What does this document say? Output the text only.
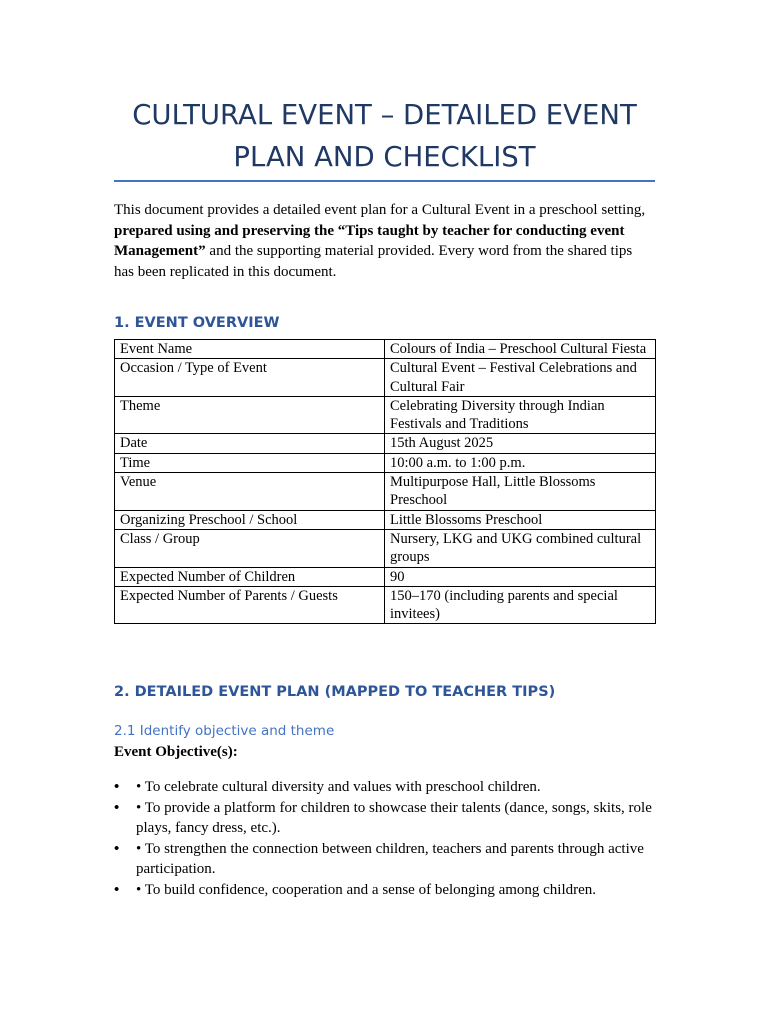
CULTURAL EVENT – DETAILED EVENT PLAN AND CHECKLIST

This document provides a detailed event plan for a Cultural Event in a preschool setting, prepared using and preserving the “Tips taught by teacher for conducting event Management” and the supporting material provided. Every word from the shared tips has been replicated in this document.

1. EVENT OVERVIEW
Event Name	Colours of India – Preschool Cultural Fiesta
Occasion / Type of Event	Cultural Event – Festival Celebrations and Cultural Fair
Theme	Celebrating Diversity through Indian Festivals and Traditions
Date	15th August 2025
Time	10:00 a.m. to 1:00 p.m.
Venue	Multipurpose Hall, Little Blossoms Preschool
Organizing Preschool / School	Little Blossoms Preschool
Class / Group	Nursery, LKG and UKG combined cultural groups
Expected Number of Children	90
Expected Number of Parents / Guests	150–170 (including parents and special invitees)
2. DETAILED EVENT PLAN (MAPPED TO TEACHER TIPS)
2.1 Identify objective and theme
Event Objective(s):
• • To celebrate cultural diversity and values with preschool children.
• • To provide a platform for children to showcase their talents (dance, songs, skits, role plays, fancy dress, etc.).
• • To strengthen the connection between children, teachers and parents through active participation.
• • To build confidence, cooperation and a sense of belonging among children.
